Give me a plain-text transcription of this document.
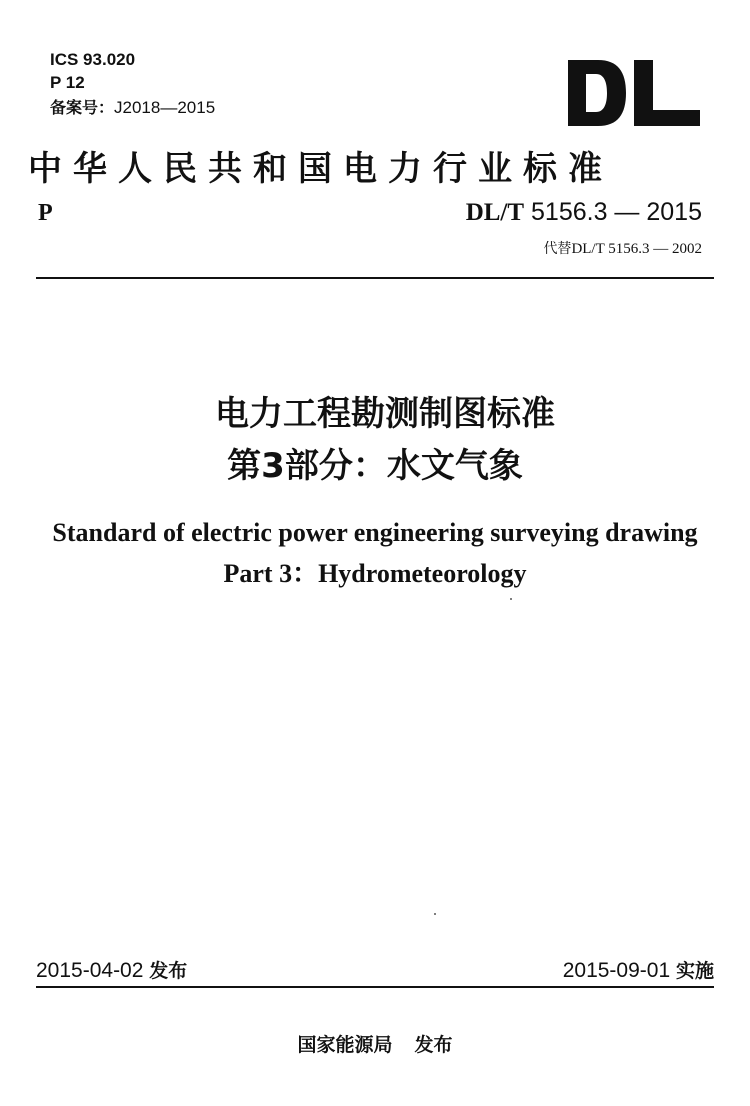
ICS 93.020
P 12
备案号：J2018—2015
中华人民共和国电力行业标准
P	DL/T 5156.3 — 2015
代替DL/T 5156.3 — 2002
电力工程勘测制图标准
第3部分：水文气象
Standard of electric power engineering surveying drawing
Part 3：Hydrometeorology
2015-04-02 发布	2015-09-01 实施
国家能源局 发布
